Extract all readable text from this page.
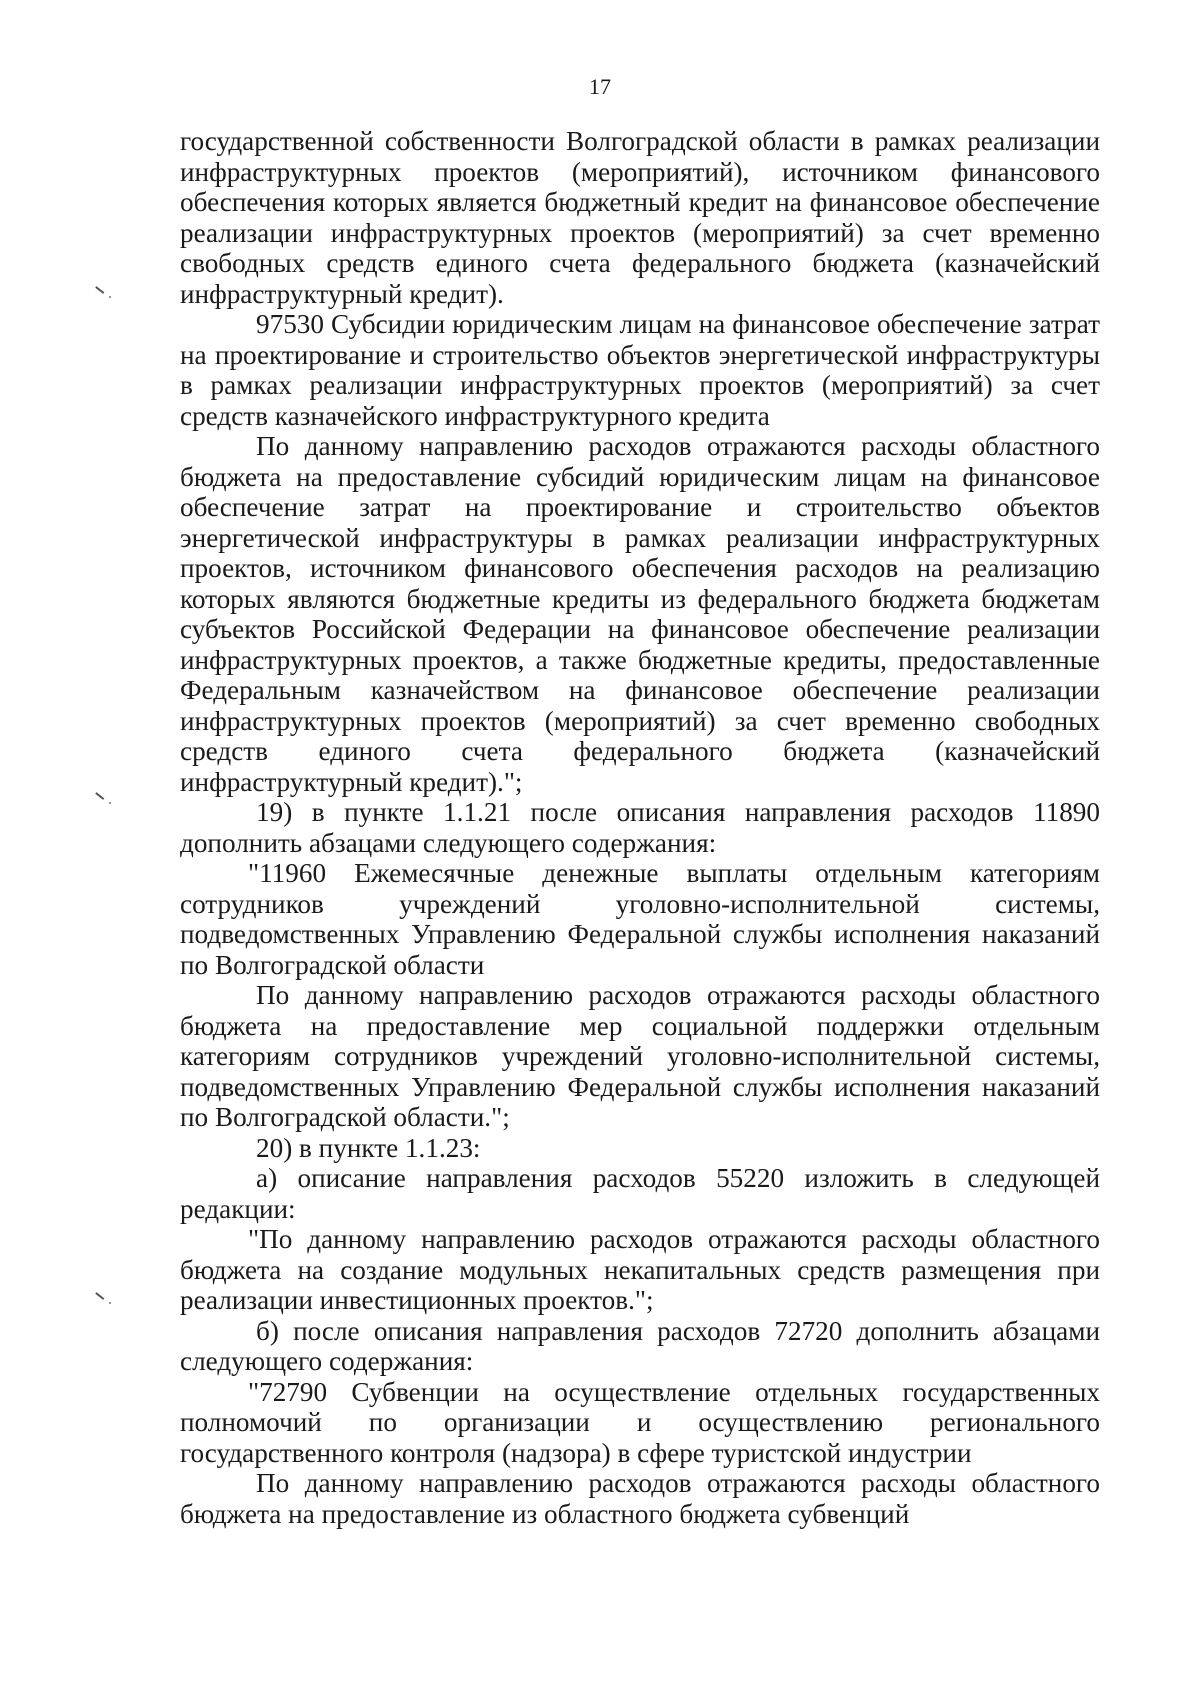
17

государственной собственности Волгоградской области в рамках реализации инфраструктурных проектов (мероприятий), источником финансового обеспечения которых является бюджетный кредит на финансовое обеспечение реализации инфраструктурных проектов (мероприятий) за счет временно свободных средств единого счета федерального бюджета (казначейский инфраструктурный кредит).

97530 Субсидии юридическим лицам на финансовое обеспечение затрат на проектирование и строительство объектов энергетической инфраструктуры в рамках реализации инфраструктурных проектов (мероприятий) за счет средств казначейского инфраструктурного кредита

По данному направлению расходов отражаются расходы областного бюджета на предоставление субсидий юридическим лицам на финансовое обеспечение затрат на проектирование и строительство объектов энергетической инфраструктуры в рамках реализации инфраструктурных проектов, источником финансового обеспечения расходов на реализацию которых являются бюджетные кредиты из федерального бюджета бюджетам субъектов Российской Федерации на финансовое обеспечение реализации инфраструктурных проектов, а также бюджетные кредиты, предоставленные Федеральным казначейством на финансовое обеспечение реализации инфраструктурных проектов (мероприятий) за счет временно свободных средств единого счета федерального бюджета (казначейский инфраструктурный кредит).";

19) в пункте 1.1.21 после описания направления расходов 11890 дополнить абзацами следующего содержания:

"11960 Ежемесячные денежные выплаты отдельным категориям сотрудников учреждений уголовно-исполнительной системы, подведомственных Управлению Федеральной службы исполнения наказаний по Волгоградской области

По данному направлению расходов отражаются расходы областного бюджета на предоставление мер социальной поддержки отдельным категориям сотрудников учреждений уголовно-исполнительной системы, подведомственных Управлению Федеральной службы исполнения наказаний по Волгоградской области.";

20) в пункте 1.1.23:

а) описание направления расходов 55220 изложить в следующей редакции:

"По данному направлению расходов отражаются расходы областного бюджета на создание модульных некапитальных средств размещения при реализации инвестиционных проектов.";

б) после описания направления расходов 72720 дополнить абзацами следующего содержания:

"72790 Субвенции на осуществление отдельных государственных полномочий по организации и осуществлению регионального государственного контроля (надзора) в сфере туристской индустрии

По данному направлению расходов отражаются расходы областного бюджета на предоставление из областного бюджета субвенций
